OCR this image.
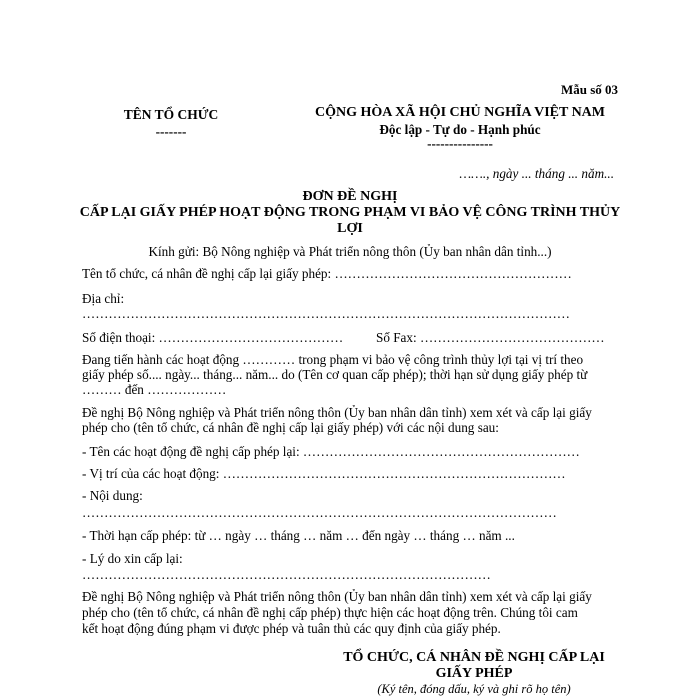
Mẫu số 03
TÊN TỔ CHỨC
-------
CỘNG HÒA XÃ HỘI CHỦ NGHĨA VIỆT NAM
Độc lập - Tự do - Hạnh phúc
---------------
……., ngày ... tháng ... năm...
ĐƠN ĐỀ NGHỊ
CẤP LẠI GIẤY PHÉP HOẠT ĐỘNG TRONG PHẠM VI BẢO VỆ CÔNG TRÌNH THỦY
LỢI
Kính gửi: Bộ Nông nghiệp và Phát triển nông thôn (Ủy ban nhân dân tỉnh...)
Tên tổ chức, cá nhân đề nghị cấp lại giấy phép: ………………………………………………
Địa chỉ:
…………………………………………………………………………………………………
Số điện thoại: …………………………………… Số Fax: ……………………………………
Đang tiến hành các hoạt động ………… trong phạm vi bảo vệ công trình thủy lợi tại vị trí theo
giấy phép số.... ngày... tháng... năm... do (Tên cơ quan cấp phép); thời hạn sử dụng giấy phép từ
……… đến ………………
Đề nghị Bộ Nông nghiệp và Phát triển nông thôn (Ủy ban nhân dân tỉnh) xem xét và cấp lại giấy
phép cho (tên tổ chức, cá nhân đề nghị cấp lại giấy phép) với các nội dung sau:
- Tên các hoạt động đề nghị cấp phép lại: ………………………………………………………
- Vị trí của các hoạt động: ……………………………………………………………………
- Nội dung:
………………………………………………………………………………………………
- Thời hạn cấp phép: từ … ngày … tháng … năm … đến ngày … tháng … năm ...
- Lý do xin cấp lại:
…………………………………………………………………………………
Đề nghị Bộ Nông nghiệp và Phát triển nông thôn (Ủy ban nhân dân tỉnh) xem xét và cấp lại giấy
phép cho (tên tổ chức, cá nhân đề nghị cấp phép) thực hiện các hoạt động trên. Chúng tôi cam
kết hoạt động đúng phạm vi được phép và tuân thủ các quy định của giấy phép.
TỔ CHỨC, CÁ NHÂN ĐỀ NGHỊ CẤP LẠI
GIẤY PHÉP
(Ký tên, đóng dấu, ký và ghi rõ họ tên)
